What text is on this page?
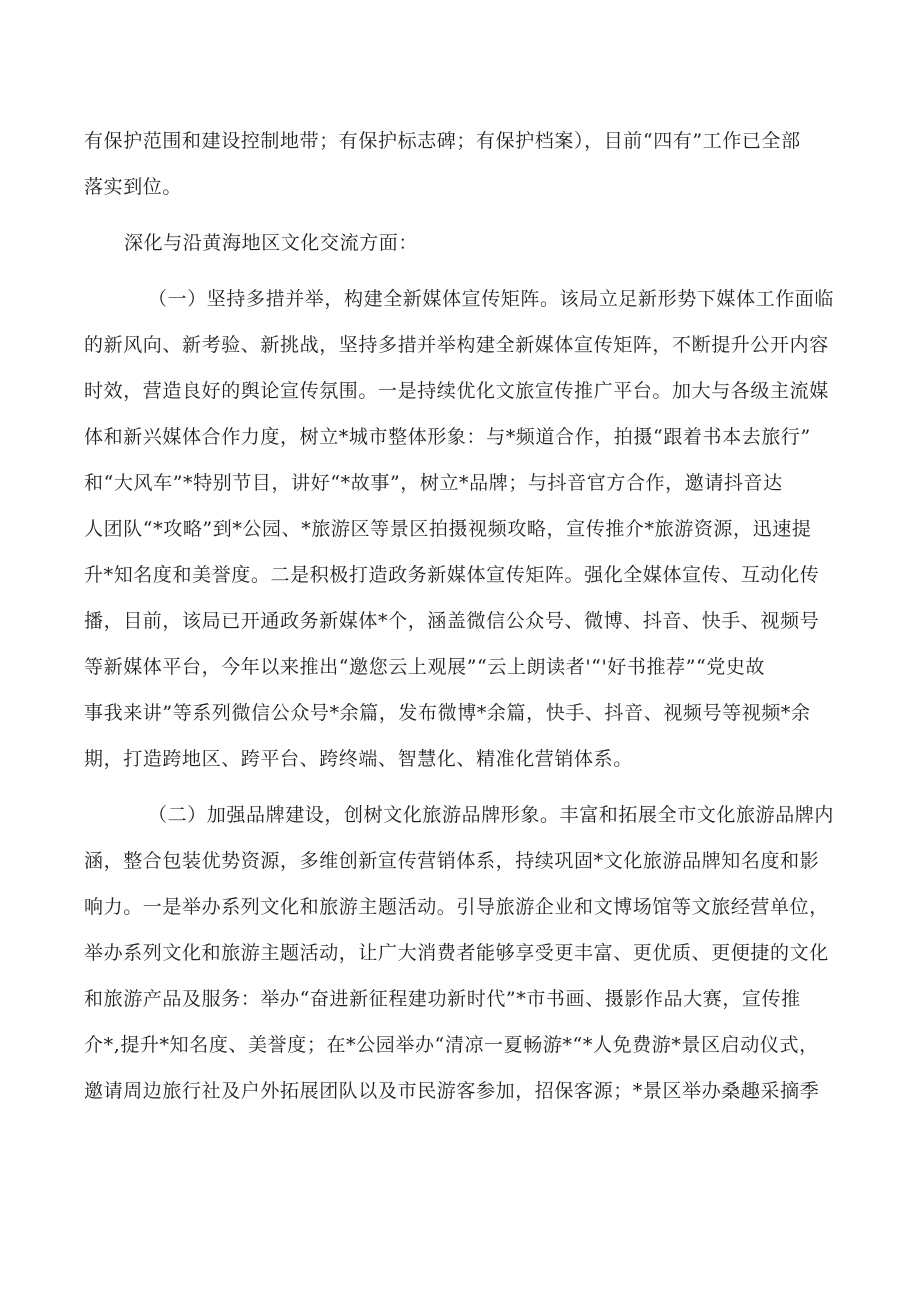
有保护范围和建设控制地带；有保护标志碑；有保护档案），目前“四有”工作已全部
落实到位。
深化与沿黄海地区文化交流方面：
（一）坚持多措并举，构建全新媒体宣传矩阵。该局立足新形势下媒体工作面临
的新风向、新考验、新挑战，坚持多措并举构建全新媒体宣传矩阵，不断提升公开内容
时效，营造良好的舆论宣传氛围。一是持续优化文旅宣传推广平台。加大与各级主流媒
体和新兴媒体合作力度，树立*城市整体形象：与*频道合作，拍摄“跟着书本去旅行”
和“大风车”*特别节目，讲好“*故事”，树立*品牌；与抖音官方合作，邀请抖音达
人团队“*攻略”到*公园、*旅游区等景区拍摄视频攻略，宣传推介*旅游资源，迅速提
升*知名度和美誉度。二是积极打造政务新媒体宣传矩阵。强化全媒体宣传、互动化传
播，目前，该局已开通政务新媒体*个，涵盖微信公众号、微博、抖音、快手、视频号
等新媒体平台，今年以来推出“邀您云上观展”“云上朗读者'“'好书推荐”“党史故
事我来讲”等系列微信公众号*余篇，发布微博*余篇，快手、抖音、视频号等视频*余
期，打造跨地区、跨平台、跨终端、智慧化、精准化营销体系。
（二）加强品牌建设，创树文化旅游品牌形象。丰富和拓展全市文化旅游品牌内
涵，整合包装优势资源，多维创新宣传营销体系，持续巩固*文化旅游品牌知名度和影
响力。一是举办系列文化和旅游主题活动。引导旅游企业和文博场馆等文旅经营单位，
举办系列文化和旅游主题活动，让广大消费者能够享受更丰富、更优质、更便捷的文化
和旅游产品及服务：举办“奋进新征程建功新时代”*市书画、摄影作品大赛，宣传推
介*,提升*知名度、美誉度；在*公园举办“清凉一夏畅游*“*人免费游*景区启动仪式，
邀请周边旅行社及户外拓展团队以及市民游客参加，招保客源；*景区举办桑趣采摘季
